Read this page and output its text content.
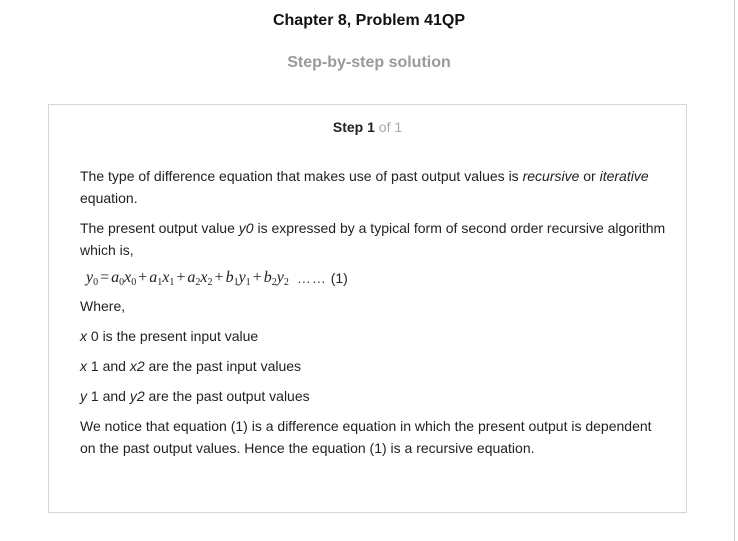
Chapter 8, Problem 41QP
Step-by-step solution
Step 1 of 1

The type of difference equation that makes use of past output values is recursive or iterative equation.

The present output value y0 is expressed by a typical form of second order recursive algorithm which is,

$y_0 = a_0x_0 + a_1x_1 + a_2x_2 + b_1y_1 + b_2y_2$ …… (1)

Where,

x 0 is the present input value

x 1 and x2 are the past input values

y 1 and y2 are the past output values

We notice that equation (1) is a difference equation in which the present output is dependent on the past output values. Hence the equation (1) is a recursive equation.
